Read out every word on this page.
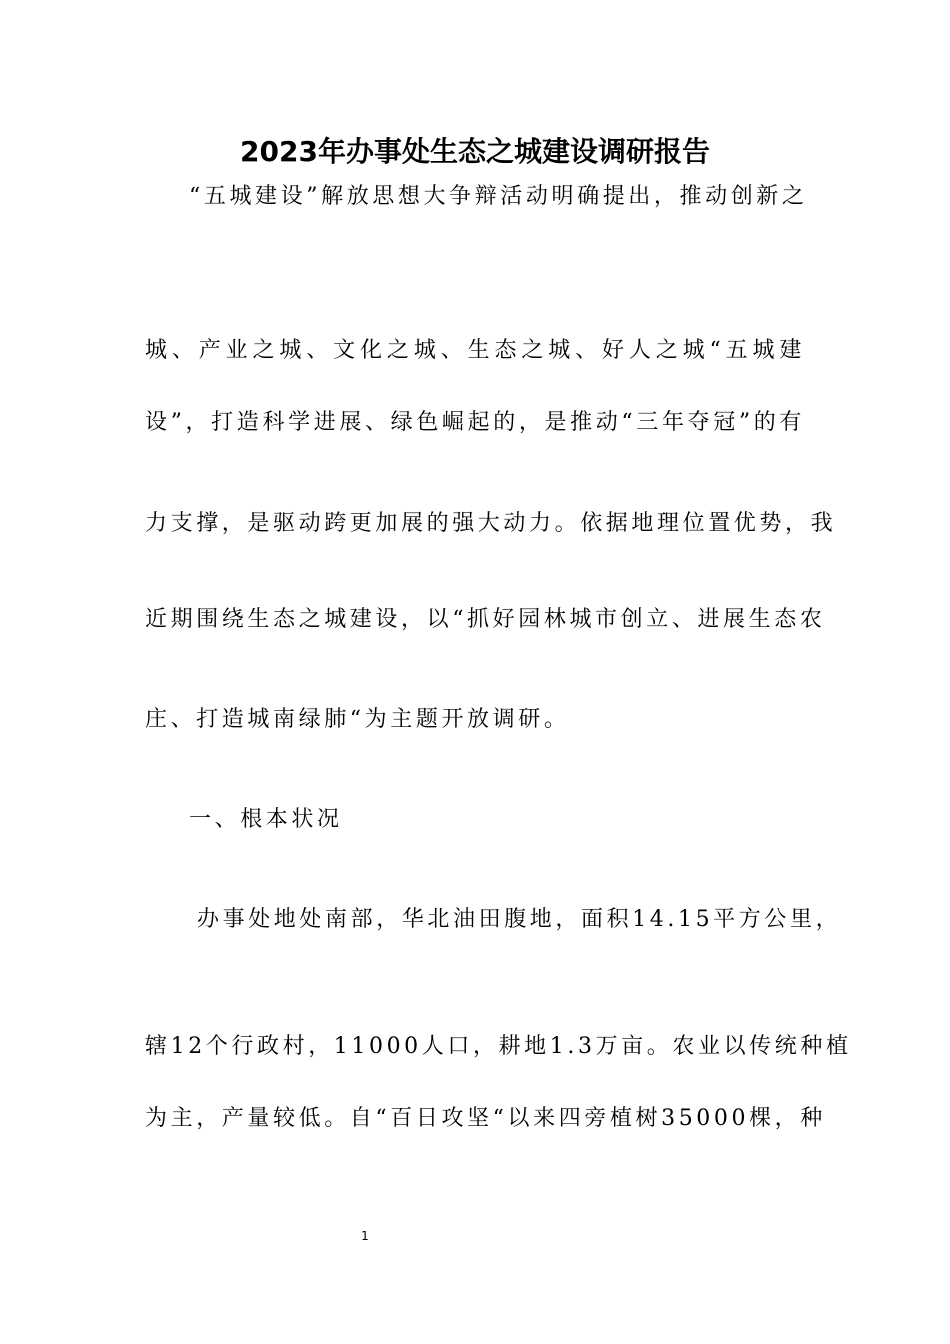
2023年办事处生态之城建设调研报告

“五城建设”解放思想大争辩活动明确提出，推动创新之

城、产业之城、文化之城、生态之城、好人之城“五城建

设”，打造科学进展、绿色崛起的，是推动“三年夺冠”的有

力支撑，是驱动跨更加展的强大动力。依据地理位置优势，我

近期围绕生态之城建设，以“抓好园林城市创立、进展生态农

庄、打造城南绿肺“为主题开放调研。

一、根本状况

办事处地处南部，华北油田腹地，面积14.15平方公里，

辖12个行政村，11000人口，耕地1.3万亩。农业以传统种植

为主，产量较低。自“百日攻坚“以来四旁植树35000棵，种

1
